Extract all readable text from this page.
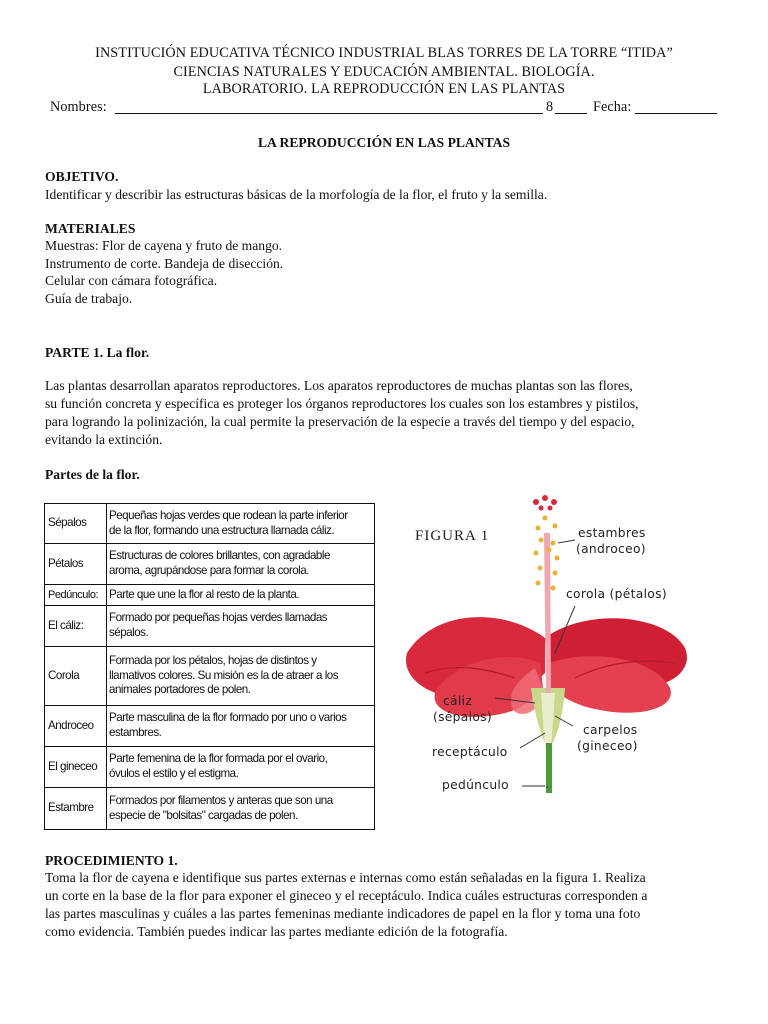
INSTITUCIÓN EDUCATIVA TÉCNICO INDUSTRIAL BLAS TORRES DE LA TORRE “ITIDA”
CIENCIAS NATURALES Y EDUCACIÓN AMBIENTAL. BIOLOGÍA.
LABORATORIO. LA REPRODUCCIÓN EN LAS PLANTAS
Nombres:	8	Fecha:
LA REPRODUCCIÓN EN LAS PLANTAS
OBJETIVO.
Identificar y describir las estructuras básicas de la morfología de la flor, el fruto y la semilla.
MATERIALES
Muestras: Flor de cayena y fruto de mango.
Instrumento de corte. Bandeja de disección.
Celular con cámara fotográfica.
Guía de trabajo.
PARTE 1. La flor.
Las plantas desarrollan aparatos reproductores. Los aparatos reproductores de muchas plantas son las flores,
su función concreta y específica es proteger los órganos reproductores los cuales son los estambres y pistilos,
para logrando la polinización, la cual permite la preservación de la especie a través del tiempo y del espacio,
evitando la extinción.
Partes de la flor.
Sépalos	Pequeñas hojas verdes que rodean la parte inferior
de la flor, formando una estructura llamada cáliz.

Pétalos	Estructuras de colores brillantes, con agradable
aroma, agrupándose para formar la corola.

Pedúnculo:	Parte que une la flor al resto de la planta.

El cáliz:	Formado por pequeñas hojas verdes llamadas
sépalos.

Corola	Formada por los pétalos, hojas de distintos y
llamativos colores. Su misión es la de atraer a los
animales portadores de polen.

Androceo	Parte masculina de la flor formado por uno o varios
estambres.

El gineceo	Parte femenina de la flor formada por el ovario,
óvulos el estilo y el estigma.

Estambre	Formados por filamentos y anteras que son una
especie de "bolsitas" cargadas de polen.
FIGURA 1	estambres
(androceo)
corola (pétalos)
cáliz
(sépalos)
carpelos
(gineceo)
receptáculo
pedúnculo
PROCEDIMIENTO 1.
Toma la flor de cayena e identifique sus partes externas e internas como están señaladas en la figura 1. Realiza
un corte en la base de la flor para exponer el gineceo y el receptáculo. Indica cuáles estructuras corresponden a
las partes masculinas y cuáles a las partes femeninas mediante indicadores de papel en la flor y toma una foto
como evidencia. También puedes indicar las partes mediante edición de la fotografía.
